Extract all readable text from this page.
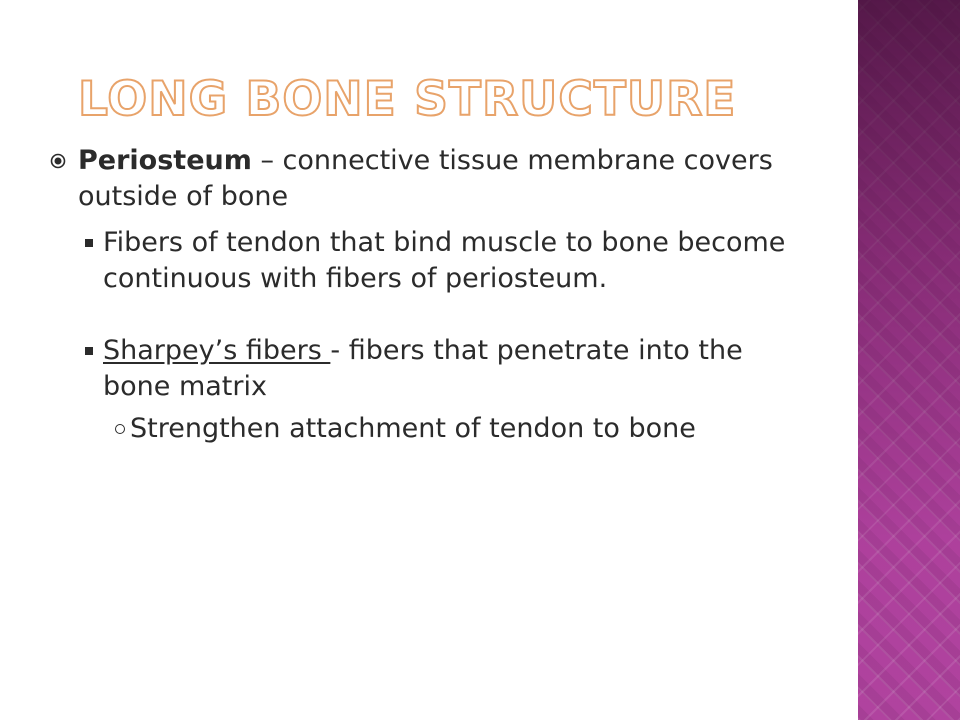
LONG BONE STRUCTURE
Periosteum – connective tissue membrane covers outside of bone
Fibers of tendon that bind muscle to bone become continuous with fibers of periosteum.
Sharpey’s fibers - fibers that penetrate into the bone matrix
Strengthen attachment of tendon to bone
